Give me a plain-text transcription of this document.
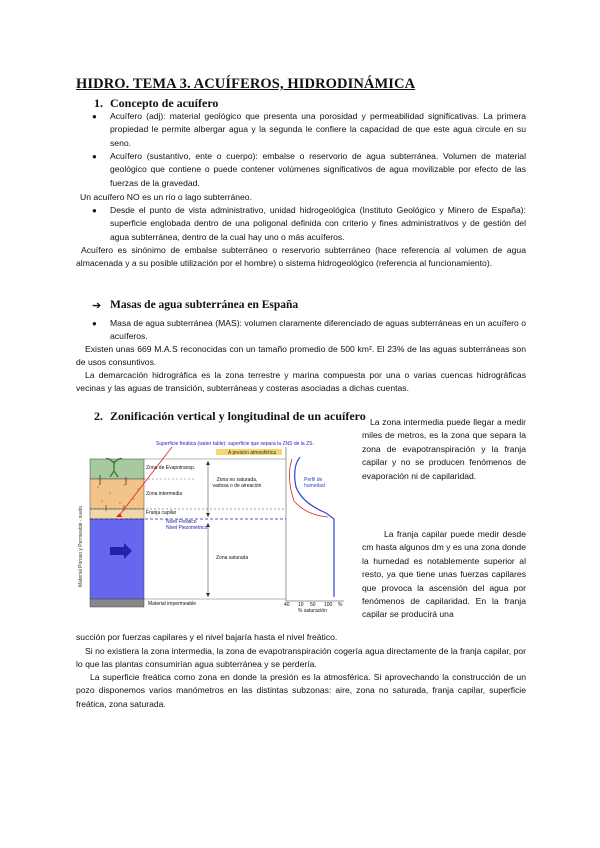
HIDRO. TEMA 3. ACUÍFEROS, HIDRODINÁMICA
1. Concepto de acuífero
● Acuífero (adj): material geológico que presenta una porosidad y permeabilidad significativas. La primera propiedad le permite albergar agua y la segunda le confiere la capacidad de que este agua circule en su seno.
● Acuífero (sustantivo, ente o cuerpo): embalse o reservorio de agua subterránea. Volumen de material geológico que contiene o puede contener volúmenes significativos de agua movilizable por efecto de las fuerzas de la gravedad.
Un acuífero NO es un río o lago subterráneo.
● Desde el punto de vista administrativo, unidad hidrogeológica (Instituto Geológico y Minero de España): superficie englobada dentro de una poligonal definida con criterio y fines administrativos y de gestión del agua subterránea, dentro de la cual hay uno o más acuíferos.
Acuífero es sinónimo de embalse subterráneo o reservorio subterráneo (hace referencia al volumen de agua almacenada y a su posible utilización por el hombre) o sistema hidrogeológico (referencia al funcionamiento).
➔ Masas de agua subterránea en España
● Masa de agua subterránea (MAS): volumen claramente diferenciado de aguas subterráneas en un acuífero o acuíferos.
Existen unas 669 M.A.S reconocidas con un tamaño promedio de 500 km². El 23% de las aguas subterráneas son de usos consuntivos.
La demarcación hidrográfica es la zona terrestre y marina compuesta por una o varias cuencas hidrográficas vecinas y las aguas de transición, subterráneas y costeras asociadas a dichas cuentas.
2. Zonificación vertical y longitudinal de un acuífero
Superficie freática (water table): superficie que separa la ZNS de la ZS.
A presión atmosférica
Zona de Evapotransp.
Zona intermedia
Franja capilar
Nivel Freático
Nivel Piezométrico
Zona no saturada, vadosa o de aireación
Zona saturada
Material impermeable
Perfil de humedad
Material Poroso y Permeable - suelo
40 10 50 100 %
% saturación
La zona intermedia puede llegar a medir miles de metros, es la zona que separa la zona de evapotranspiración y la franja capilar y no se producen fenómenos de evaporación ni de capilaridad.
La franja capilar puede medir desde cm hasta algunos dm y es una zona donde la humedad es notablemente superior al resto, ya que tiene unas fuerzas capilares que provoca la ascensión del agua por fenómenos de capilaridad. En la franja capilar se producirá una
succión por fuerzas capilares y el nivel bajaría hasta el nivel freático.
Si no existiera la zona intermedia, la zona de evapotranspiración cogería agua directamente de la franja capilar, por lo que las plantas consumirían agua subterránea y se perdería.
La superficie freática como zona en donde la presión es la atmosférica. Si aprovechando la construcción de un pozo disponemos varios manómetros en las distintas subzonas: aire, zona no saturada, franja capilar, superficie freática, zona saturada.
